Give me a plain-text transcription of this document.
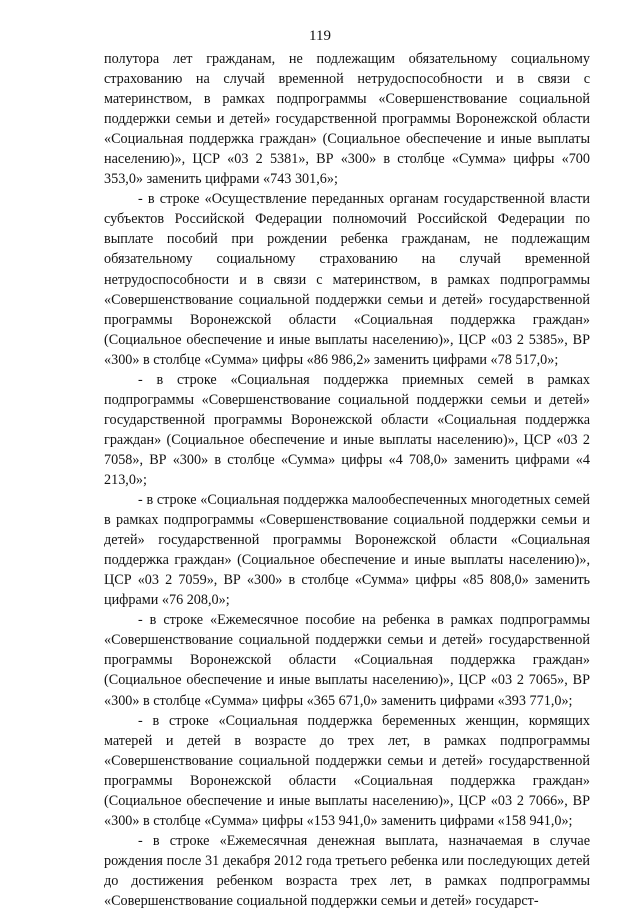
119

полутора лет гражданам, не подлежащим обязательному социальному страхованию на случай временной нетрудоспособности и в связи с материнством, в рамках подпрограммы «Совершенствование социальной поддержки семьи и детей» государственной программы Воронежской области «Социальная поддержка граждан» (Социальное обеспечение и иные выплаты населению)», ЦСР «03 2 5381», ВР «300» в столбце «Сумма» цифры «700 353,0» заменить цифрами «743 301,6»;

- в строке «Осуществление переданных органам государственной власти субъектов Российской Федерации полномочий Российской Федерации по выплате пособий при рождении ребенка гражданам, не подлежащим обязательному социальному страхованию на случай временной нетрудоспособности и в связи с материнством, в рамках подпрограммы «Совершенствование социальной поддержки семьи и детей» государственной программы Воронежской области «Социальная поддержка граждан» (Социальное обеспечение и иные выплаты населению)», ЦСР «03 2 5385», ВР «300» в столбце «Сумма» цифры «86 986,2» заменить цифрами «78 517,0»;

- в строке «Социальная поддержка приемных семей в рамках подпрограммы «Совершенствование социальной поддержки семьи и детей» государственной программы Воронежской области «Социальная поддержка граждан» (Социальное обеспечение и иные выплаты населению)», ЦСР «03 2 7058», ВР «300» в столбце «Сумма» цифры «4 708,0» заменить цифрами «4 213,0»;

- в строке «Социальная поддержка малообеспеченных многодетных семей в рамках подпрограммы «Совершенствование социальной поддержки семьи и детей» государственной программы Воронежской области «Социальная поддержка граждан» (Социальное обеспечение и иные выплаты населению)», ЦСР «03 2 7059», ВР «300» в столбце «Сумма» цифры «85 808,0» заменить цифрами «76 208,0»;

- в строке «Ежемесячное пособие на ребенка в рамках подпрограммы «Совершенствование социальной поддержки семьи и детей» государственной программы Воронежской области «Социальная поддержка граждан» (Социальное обеспечение и иные выплаты населению)», ЦСР «03 2 7065», ВР «300» в столбце «Сумма» цифры «365 671,0» заменить цифрами «393 771,0»;

- в строке «Социальная поддержка беременных женщин, кормящих матерей и детей в возрасте до трех лет, в рамках подпрограммы «Совершенствование социальной поддержки семьи и детей» государственной программы Воронежской области «Социальная поддержка граждан» (Социальное обеспечение и иные выплаты населению)», ЦСР «03 2 7066», ВР «300» в столбце «Сумма» цифры «153 941,0» заменить цифрами «158 941,0»;

- в строке «Ежемесячная денежная выплата, назначаемая в случае рождения после 31 декабря 2012 года третьего ребенка или последующих детей до достижения ребенком возраста трех лет, в рамках подпрограммы «Совершенствование социальной поддержки семьи и детей» государст-
